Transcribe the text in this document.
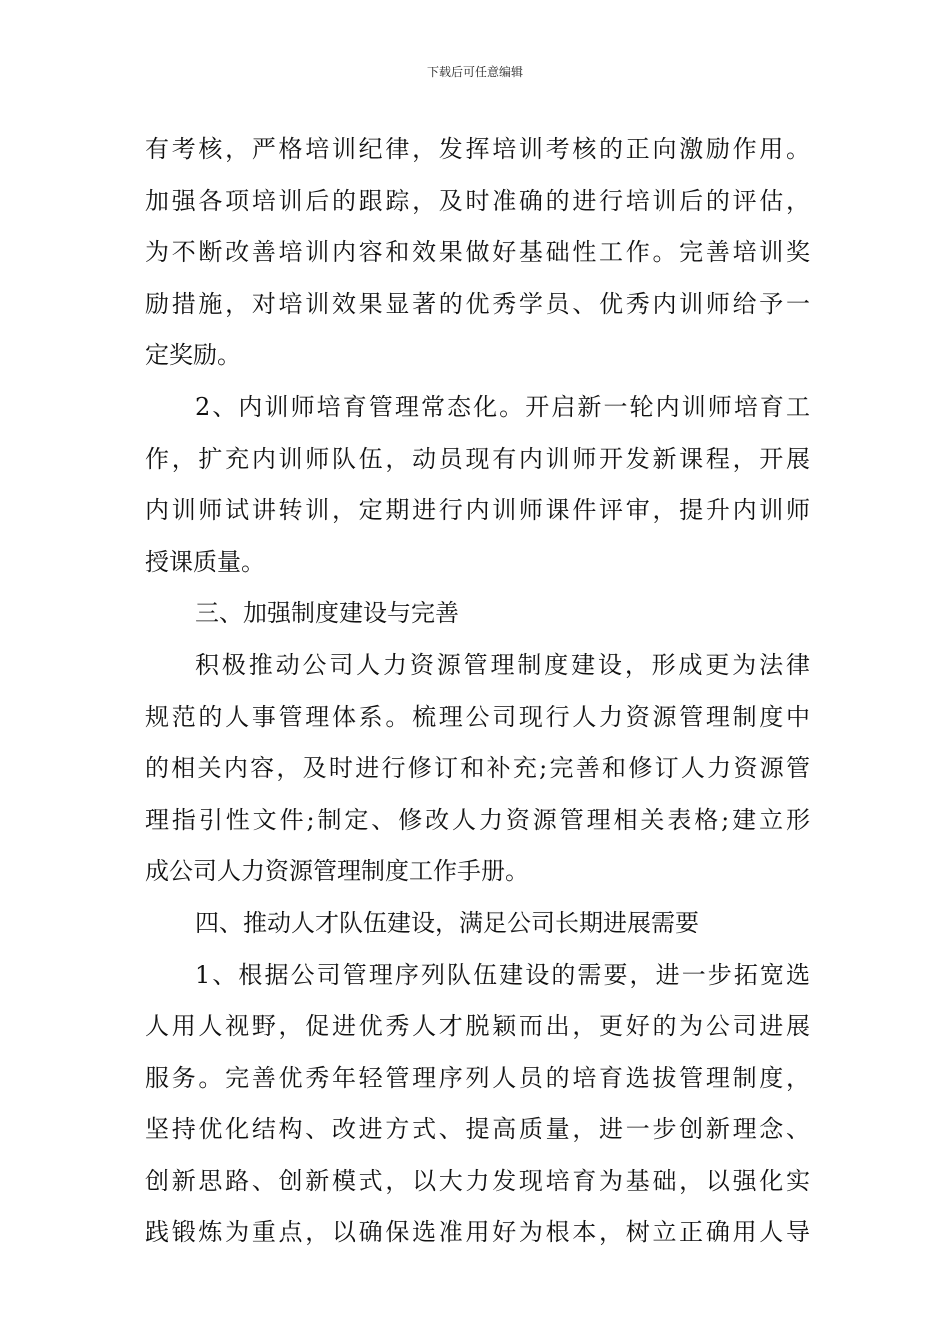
下载后可任意编辑
有考核，严格培训纪律，发挥培训考核的正向激励作用。
加强各项培训后的跟踪，及时准确的进行培训后的评估，
为不断改善培训内容和效果做好基础性工作。完善培训奖
励措施，对培训效果显著的优秀学员、优秀内训师给予一
定奖励。
2、内训师培育管理常态化。开启新一轮内训师培育工
作，扩充内训师队伍，动员现有内训师开发新课程，开展
内训师试讲转训，定期进行内训师课件评审，提升内训师
授课质量。
三、加强制度建设与完善
积极推动公司人力资源管理制度建设，形成更为法律
规范的人事管理体系。梳理公司现行人力资源管理制度中
的相关内容，及时进行修订和补充;完善和修订人力资源管
理指引性文件;制定、修改人力资源管理相关表格;建立形
成公司人力资源管理制度工作手册。
四、推动人才队伍建设，满足公司长期进展需要
1、根据公司管理序列队伍建设的需要，进一步拓宽选
人用人视野，促进优秀人才脱颖而出，更好的为公司进展
服务。完善优秀年轻管理序列人员的培育选拔管理制度，
坚持优化结构、改进方式、提高质量，进一步创新理念、
创新思路、创新模式，以大力发现培育为基础，以强化实
践锻炼为重点，以确保选准用好为根本，树立正确用人导
